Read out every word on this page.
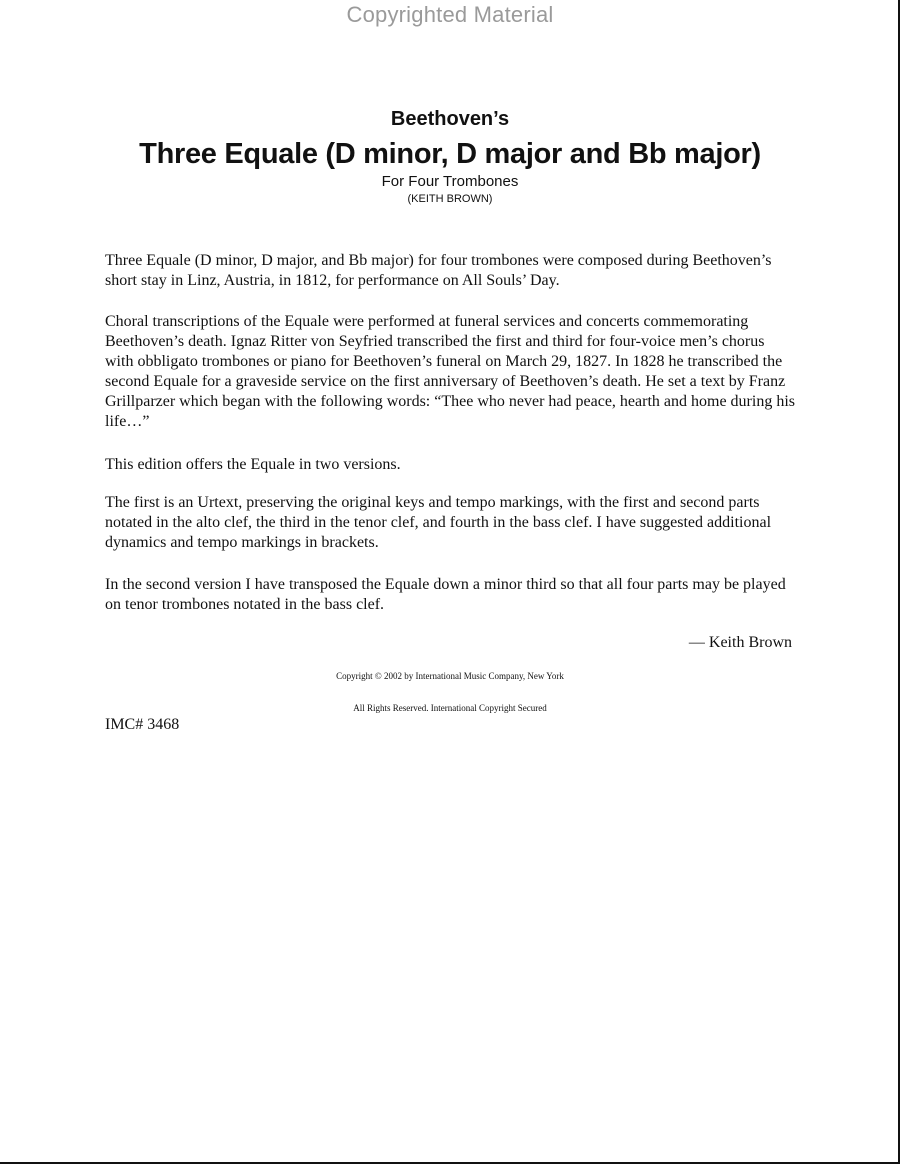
Copyrighted Material
Beethoven’s
Three Equale (D minor, D major and Bb major)
For Four Trombones
(KEITH BROWN)

Three Equale (D minor, D major, and Bb major) for four trombones were composed during Beethoven’s short stay in Linz, Austria, in 1812, for performance on All Souls’ Day.

Choral transcriptions of the Equale were performed at funeral services and concerts commemorating Beethoven’s death. Ignaz Ritter von Seyfried transcribed the first and third for four-voice men’s chorus with obbligato trombones or piano for Beethoven’s funeral on March 29, 1827. In 1828 he transcribed the second Equale for a graveside service on the first anniversary of Beethoven’s death. He set a text by Franz Grillparzer which began with the following words: “Thee who never had peace, hearth and home during his life…”

This edition offers the Equale in two versions.

The first is an Urtext, preserving the original keys and tempo markings, with the first and second parts notated in the alto clef, the third in the tenor clef, and fourth in the bass clef. I have suggested additional dynamics and tempo markings in brackets.

In the second version I have transposed the Equale down a minor third so that all four parts may be played on tenor trombones notated in the bass clef.

— Keith Brown
Copyright © 2002 by International Music Company, New York
All Rights Reserved. International Copyright Secured
IMC# 3468
